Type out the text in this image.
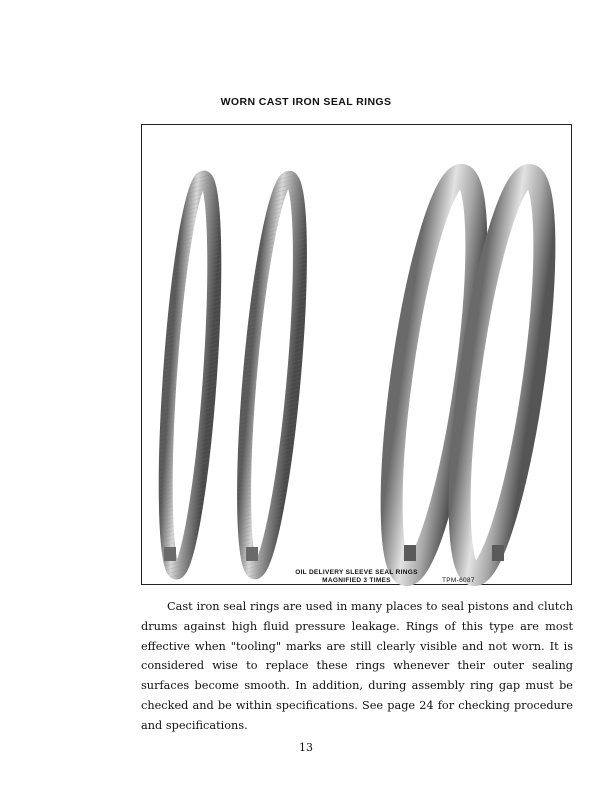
WORN CAST IRON SEAL RINGS
OIL DELIVERY SLEEVE SEAL RINGS
MAGNIFIED 3 TIMES	TPM-6087

Cast iron seal rings are used in many places to seal pistons and clutch drums against high fluid pressure leakage. Rings of this type are most effective when "tooling" marks are still clearly visible and not worn. It is considered wise to replace these rings whenever their outer sealing surfaces become smooth. In addition, during assembly ring gap must be checked and be within specifications. See page 24 for checking procedure and specifications.

13
